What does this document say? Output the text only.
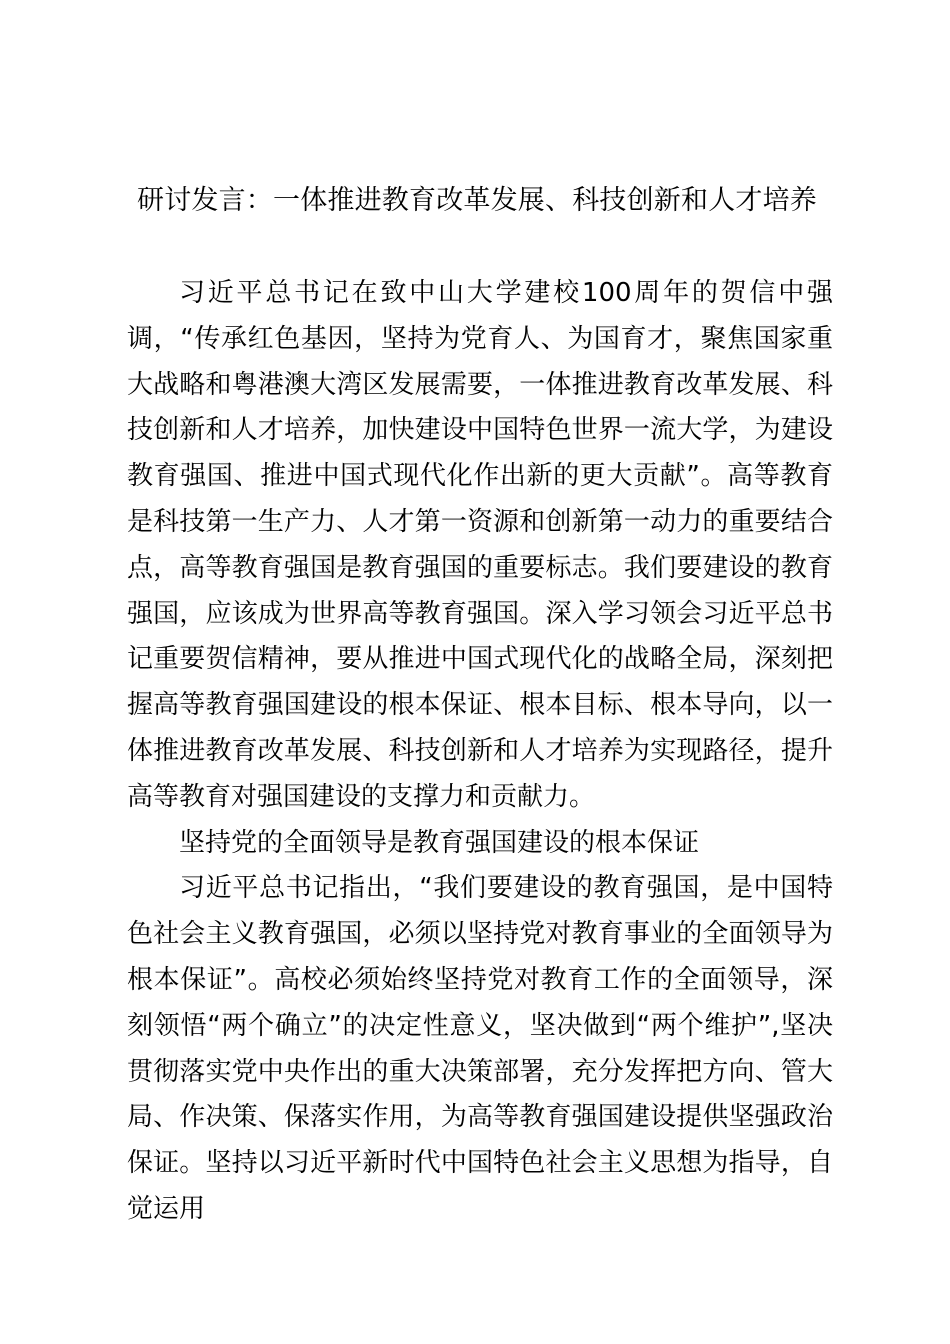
研讨发言：一体推进教育改革发展、科技创新和人才培养

习近平总书记在致中山大学建校100周年的贺信中强调，“传承红色基因，坚持为党育人、为国育才，聚焦国家重大战略和粤港澳大湾区发展需要，一体推进教育改革发展、科技创新和人才培养，加快建设中国特色世界一流大学，为建设教育强国、推进中国式现代化作出新的更大贡献”。高等教育是科技第一生产力、人才第一资源和创新第一动力的重要结合点，高等教育强国是教育强国的重要标志。我们要建设的教育强国，应该成为世界高等教育强国。深入学习领会习近平总书记重要贺信精神，要从推进中国式现代化的战略全局，深刻把握高等教育强国建设的根本保证、根本目标、根本导向，以一体推进教育改革发展、科技创新和人才培养为实现路径，提升高等教育对强国建设的支撑力和贡献力。

坚持党的全面领导是教育强国建设的根本保证

习近平总书记指出，“我们要建设的教育强国，是中国特色社会主义教育强国，必须以坚持党对教育事业的全面领导为根本保证”。高校必须始终坚持党对教育工作的全面领导，深刻领悟“两个确立”的决定性意义，坚决做到“两个维护”,坚决贯彻落实党中央作出的重大决策部署，充分发挥把方向、管大局、作决策、保落实作用，为高等教育强国建设提供坚强政治保证。坚持以习近平新时代中国特色社会主义思想为指导，自觉运用
